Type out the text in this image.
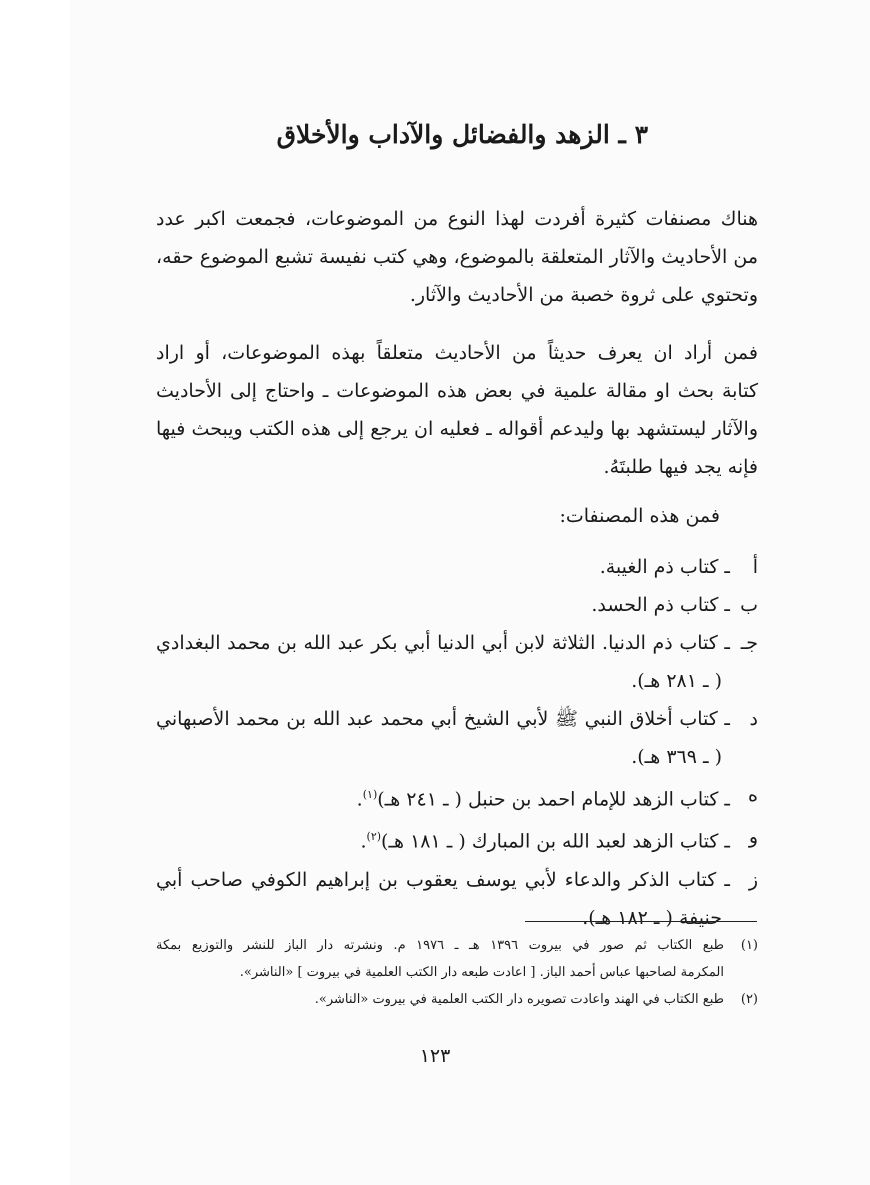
٣ ـ الزهد والفضائل والآداب والأخلاق

هناك مصنفات كثيرة أفردت لهذا النوع من الموضوعات، فجمعت اكبر عدد
من الأحاديث والآثار المتعلقة بالموضوع، وهي كتب نفيسة تشبع الموضوع حقه،
وتحتوي على ثروة خصبة من الأحاديث والآثار.

فمن أراد ان يعرف حديثاً من الأحاديث متعلقاً بهذه الموضوعات، أو اراد
كتابة بحث او مقالة علمية في بعض هذه الموضوعات ـ واحتاج إلى الأحاديث
والآثار ليستشهد بها وليدعم أقواله ـ فعليه ان يرجع إلى هذه الكتب ويبحث فيها
فإنه يجد فيها طلبتَهُ.

فمن هذه المصنفات:

أ
ـ كتاب ذم الغيبة.
ب
ـ كتاب ذم الحسد.
جـ
ـ كتاب ذم الدنيا. الثلاثة لابن أبي الدنيا أبي بكر عبد الله بن محمد البغدادي
( ـ ٢٨١ هـ).
د
ـ كتاب أخلاق النبي ﷺ لأبي الشيخ أبي محمد عبد الله بن محمد الأصبهاني
( ـ ٣٦٩ هـ).
ه
ـ كتاب الزهد للإمام احمد بن حنبل ( ـ ٢٤١ هـ)$^{(١)}$.
و
ـ كتاب الزهد لعبد الله بن المبارك ( ـ ١٨١ هـ)$^{(٢)}$.
ز
ـ كتاب الذكر والدعاء لأبي يوسف يعقوب بن إبراهيم الكوفي صاحب أبي
حنيفة ( ـ ١٨٢ هـ).
(١)
طبع الكتاب ثم صور في بيروت ١٣٩٦ هـ ـ ١٩٧٦ م. ونشرته دار الباز للنشر والتوزيع بمكة
المكرمة لصاحبها عباس أحمد الباز. [ اعادت طبعه دار الكتب العلمية في بيروت ] «الناشر».
(٢)
طبع الكتاب في الهند واعادت تصويره دار الكتب العلمية في بيروت «الناشر».

١٢٣
